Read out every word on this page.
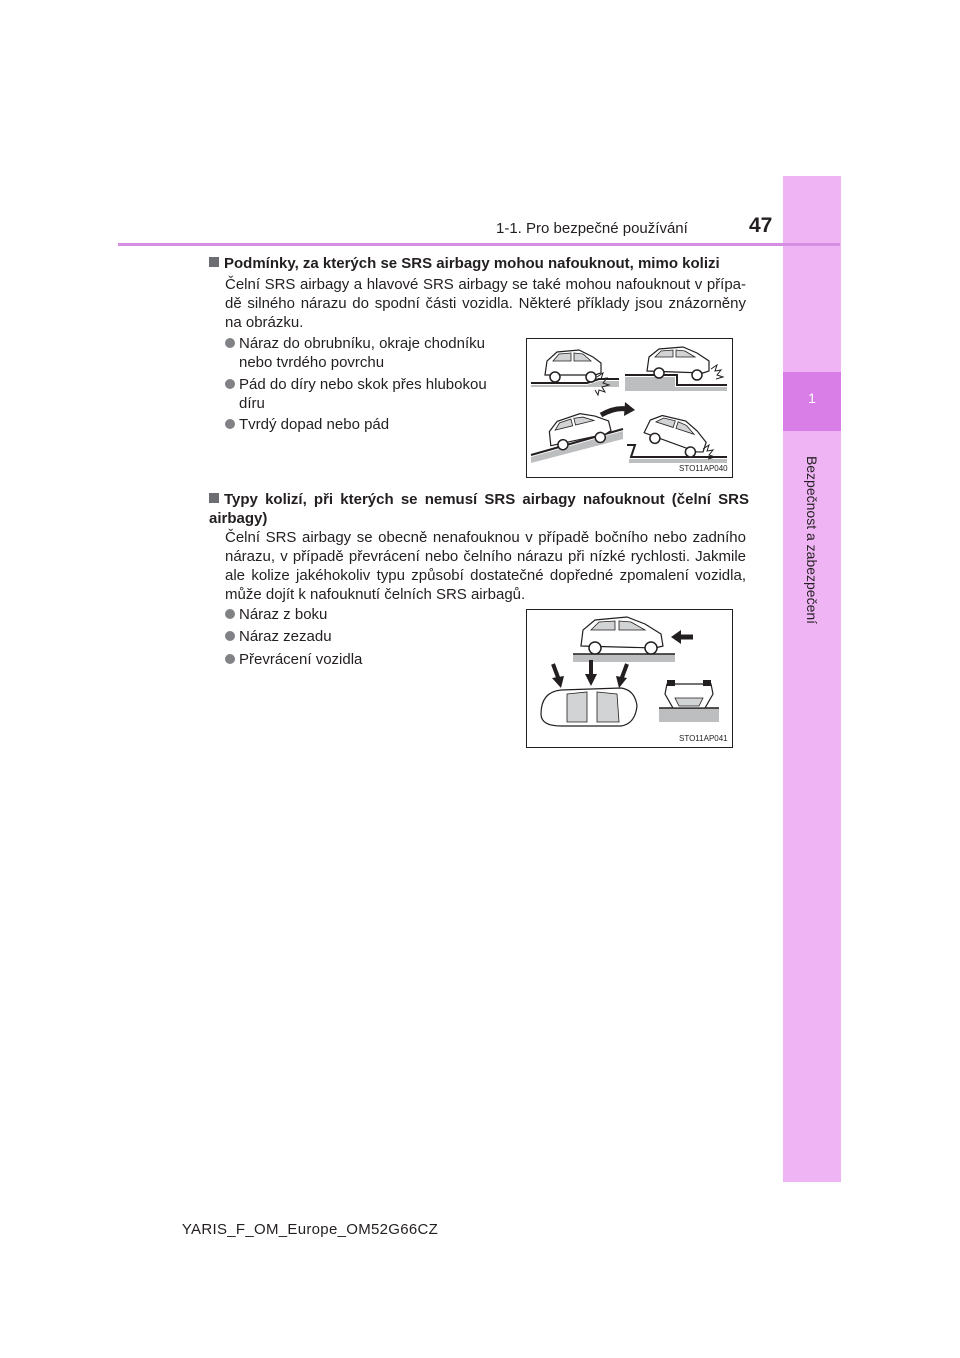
1
Bezpečnost a zabezpečení
1-1. Pro bezpečné používání	47
Podmínky, za kterých se SRS airbagy mohou nafouknout, mimo kolizi
Čelní SRS airbagy a hlavové SRS airbagy se také mohou nafouknout v přípa-dě silného nárazu do spodní části vozidla. Některé příklady jsou znázorněny na obrázku.
Náraz do obrubníku, okraje chodníku
nebo tvrdého povrchu
Pád do díry nebo skok přes hlubokou
díru
Tvrdý dopad nebo pád
STO11AP040
Typy kolizí, při kterých se nemusí SRS airbagy nafouknout (čelní SRS airbagy)
Čelní SRS airbagy se obecně nenafouknou v případě bočního nebo zadního nárazu, v případě převrácení nebo čelního nárazu při nízké rychlosti. Jakmile ale kolize jakéhokoliv typu způsobí dostatečné dopředné zpomalení vozidla, může dojít k nafouknutí čelních SRS airbagů.
Náraz z boku
Náraz zezadu
Převrácení vozidla
STO11AP041
YARIS_F_OM_Europe_OM52G66CZ
